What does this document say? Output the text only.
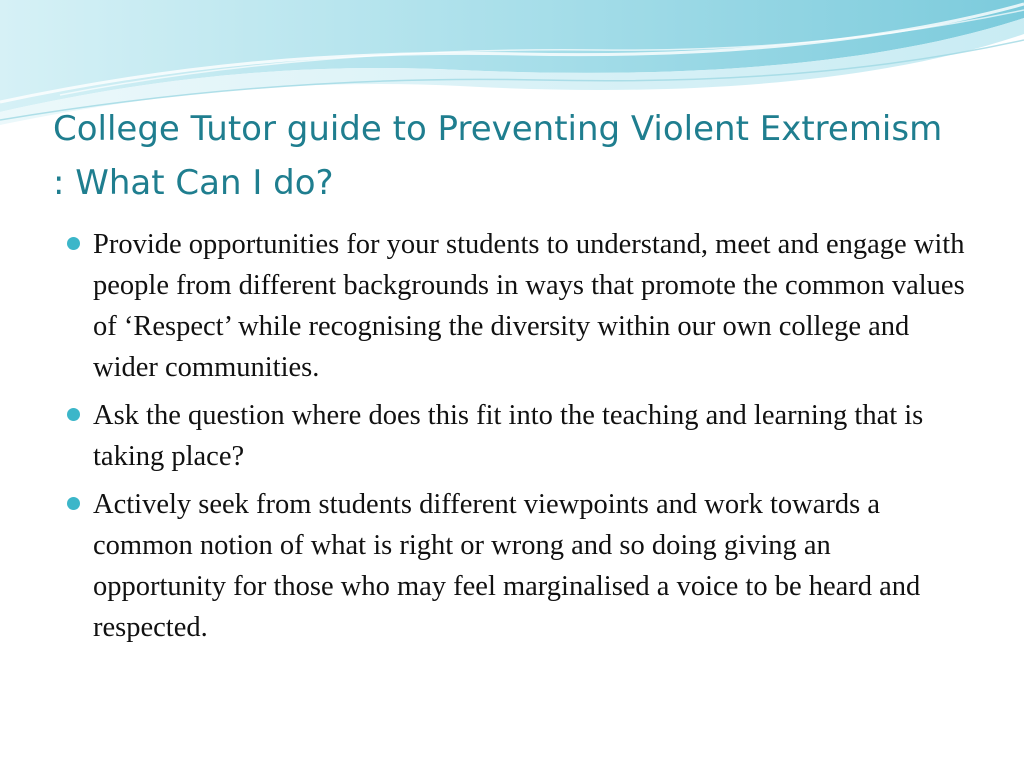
College Tutor guide to Preventing Violent Extremism : What Can I do?
Provide opportunities for your students to understand, meet and engage with people from different backgrounds in ways that promote the common values of ‘Respect’ while recognising the diversity within our own college and wider communities.
Ask the question where does this fit into the teaching and learning that is taking place?
Actively seek from students different viewpoints and work towards a common notion of what is right or wrong and so doing giving an opportunity for those who may feel marginalised a voice to be heard and respected.
